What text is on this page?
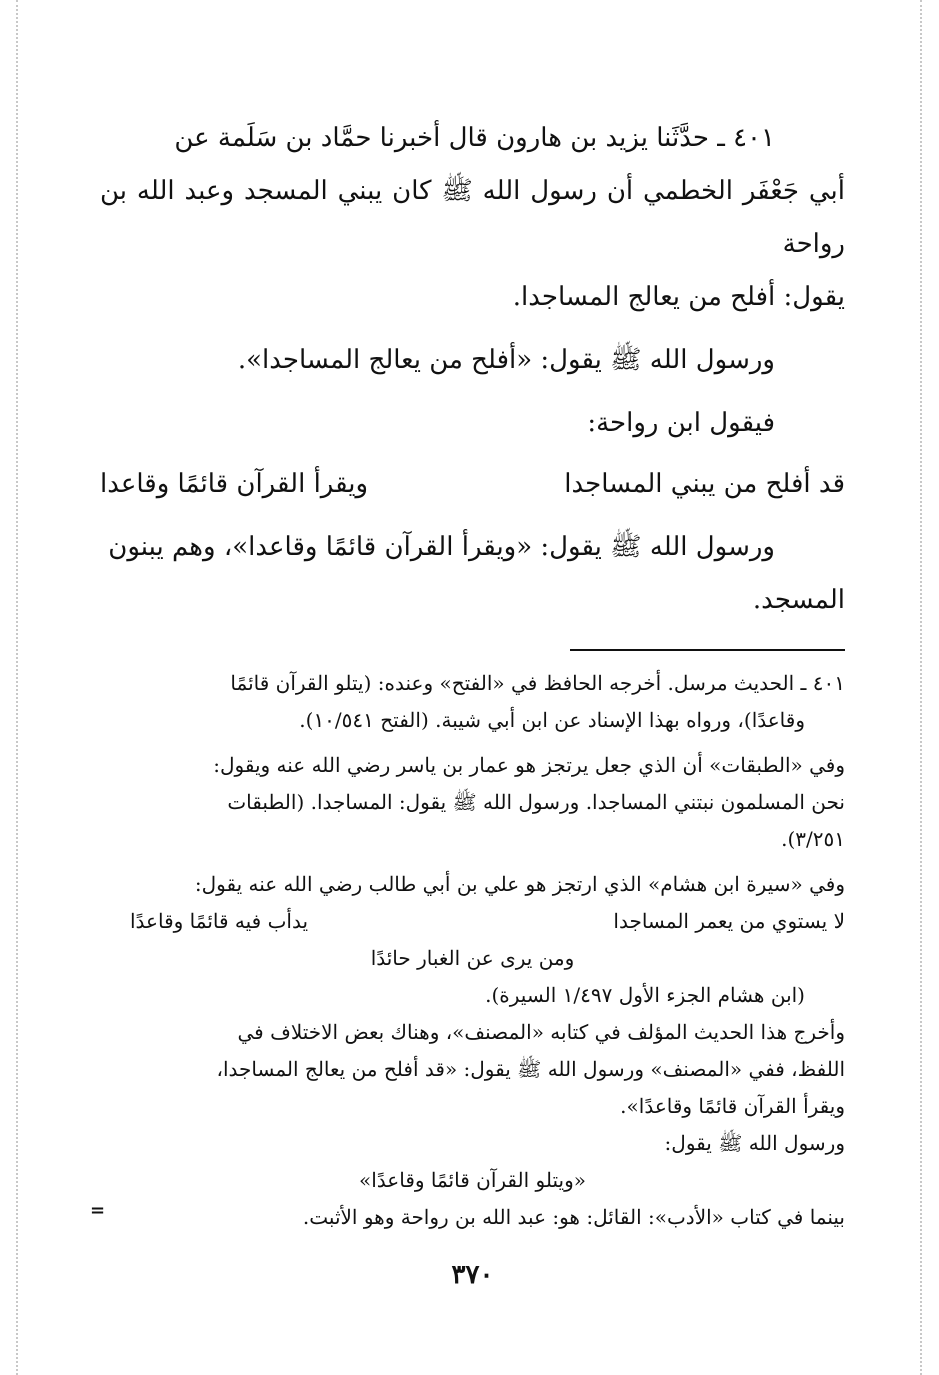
٤٠١ ـ حدَّثَنا يزيد بن هارون قال أخبرنا حمَّاد بن سَلَمة عن

أبي جَعْفَر الخطمي أن رسول الله ﷺ كان يبني المسجد وعبد الله بن رواحة

يقول: أفلح من يعالج المساجدا.

ورسول الله ﷺ يقول: «أفلح من يعالج المساجدا».

فيقول ابن رواحة:

قد أفلح من يبني المساجدا
ويقرأ القرآن قائمًا وقاعدا

ورسول الله ﷺ يقول: «ويقرأ القرآن قائمًا وقاعدا»، وهم يبنون

المسجد.

٤٠١ ـ الحديث مرسل. أخرجه الحافظ في «الفتح» وعنده: (يتلو القرآن قائمًا

وقاعدًا)، ورواه بهذا الإسناد عن ابن أبي شيبة. (الفتح ١٠/٥٤١).

وفي «الطبقات» أن الذي جعل يرتجز هو عمار بن ياسر رضي الله عنه ويقول:

نحن المسلمون نبتني المساجدا. ورسول الله ﷺ يقول: المساجدا. (الطبقات

٣/٢٥١).

وفي «سيرة ابن هشام» الذي ارتجز هو علي بن أبي طالب رضي الله عنه يقول:

لا يستوي من يعمر المساجدا
يدأب فيه قائمًا وقاعدًا

ومن يرى عن الغبار حائدًا

(ابن هشام الجزء الأول ١/٤٩٧ السيرة).

وأخرج هذا الحديث المؤلف في كتابه «المصنف»، وهناك بعض الاختلاف في

اللفظ، ففي «المصنف» ورسول الله ﷺ يقول: «قد أفلح من يعالج المساجدا،

ويقرأ القرآن قائمًا وقاعدًا».

ورسول الله ﷺ يقول:

«ويتلو القرآن قائمًا وقاعدًا»

بينما في كتاب «الأدب»: القائل: هو: عبد الله بن رواحة وهو الأثبت.

٣٧٠
=
